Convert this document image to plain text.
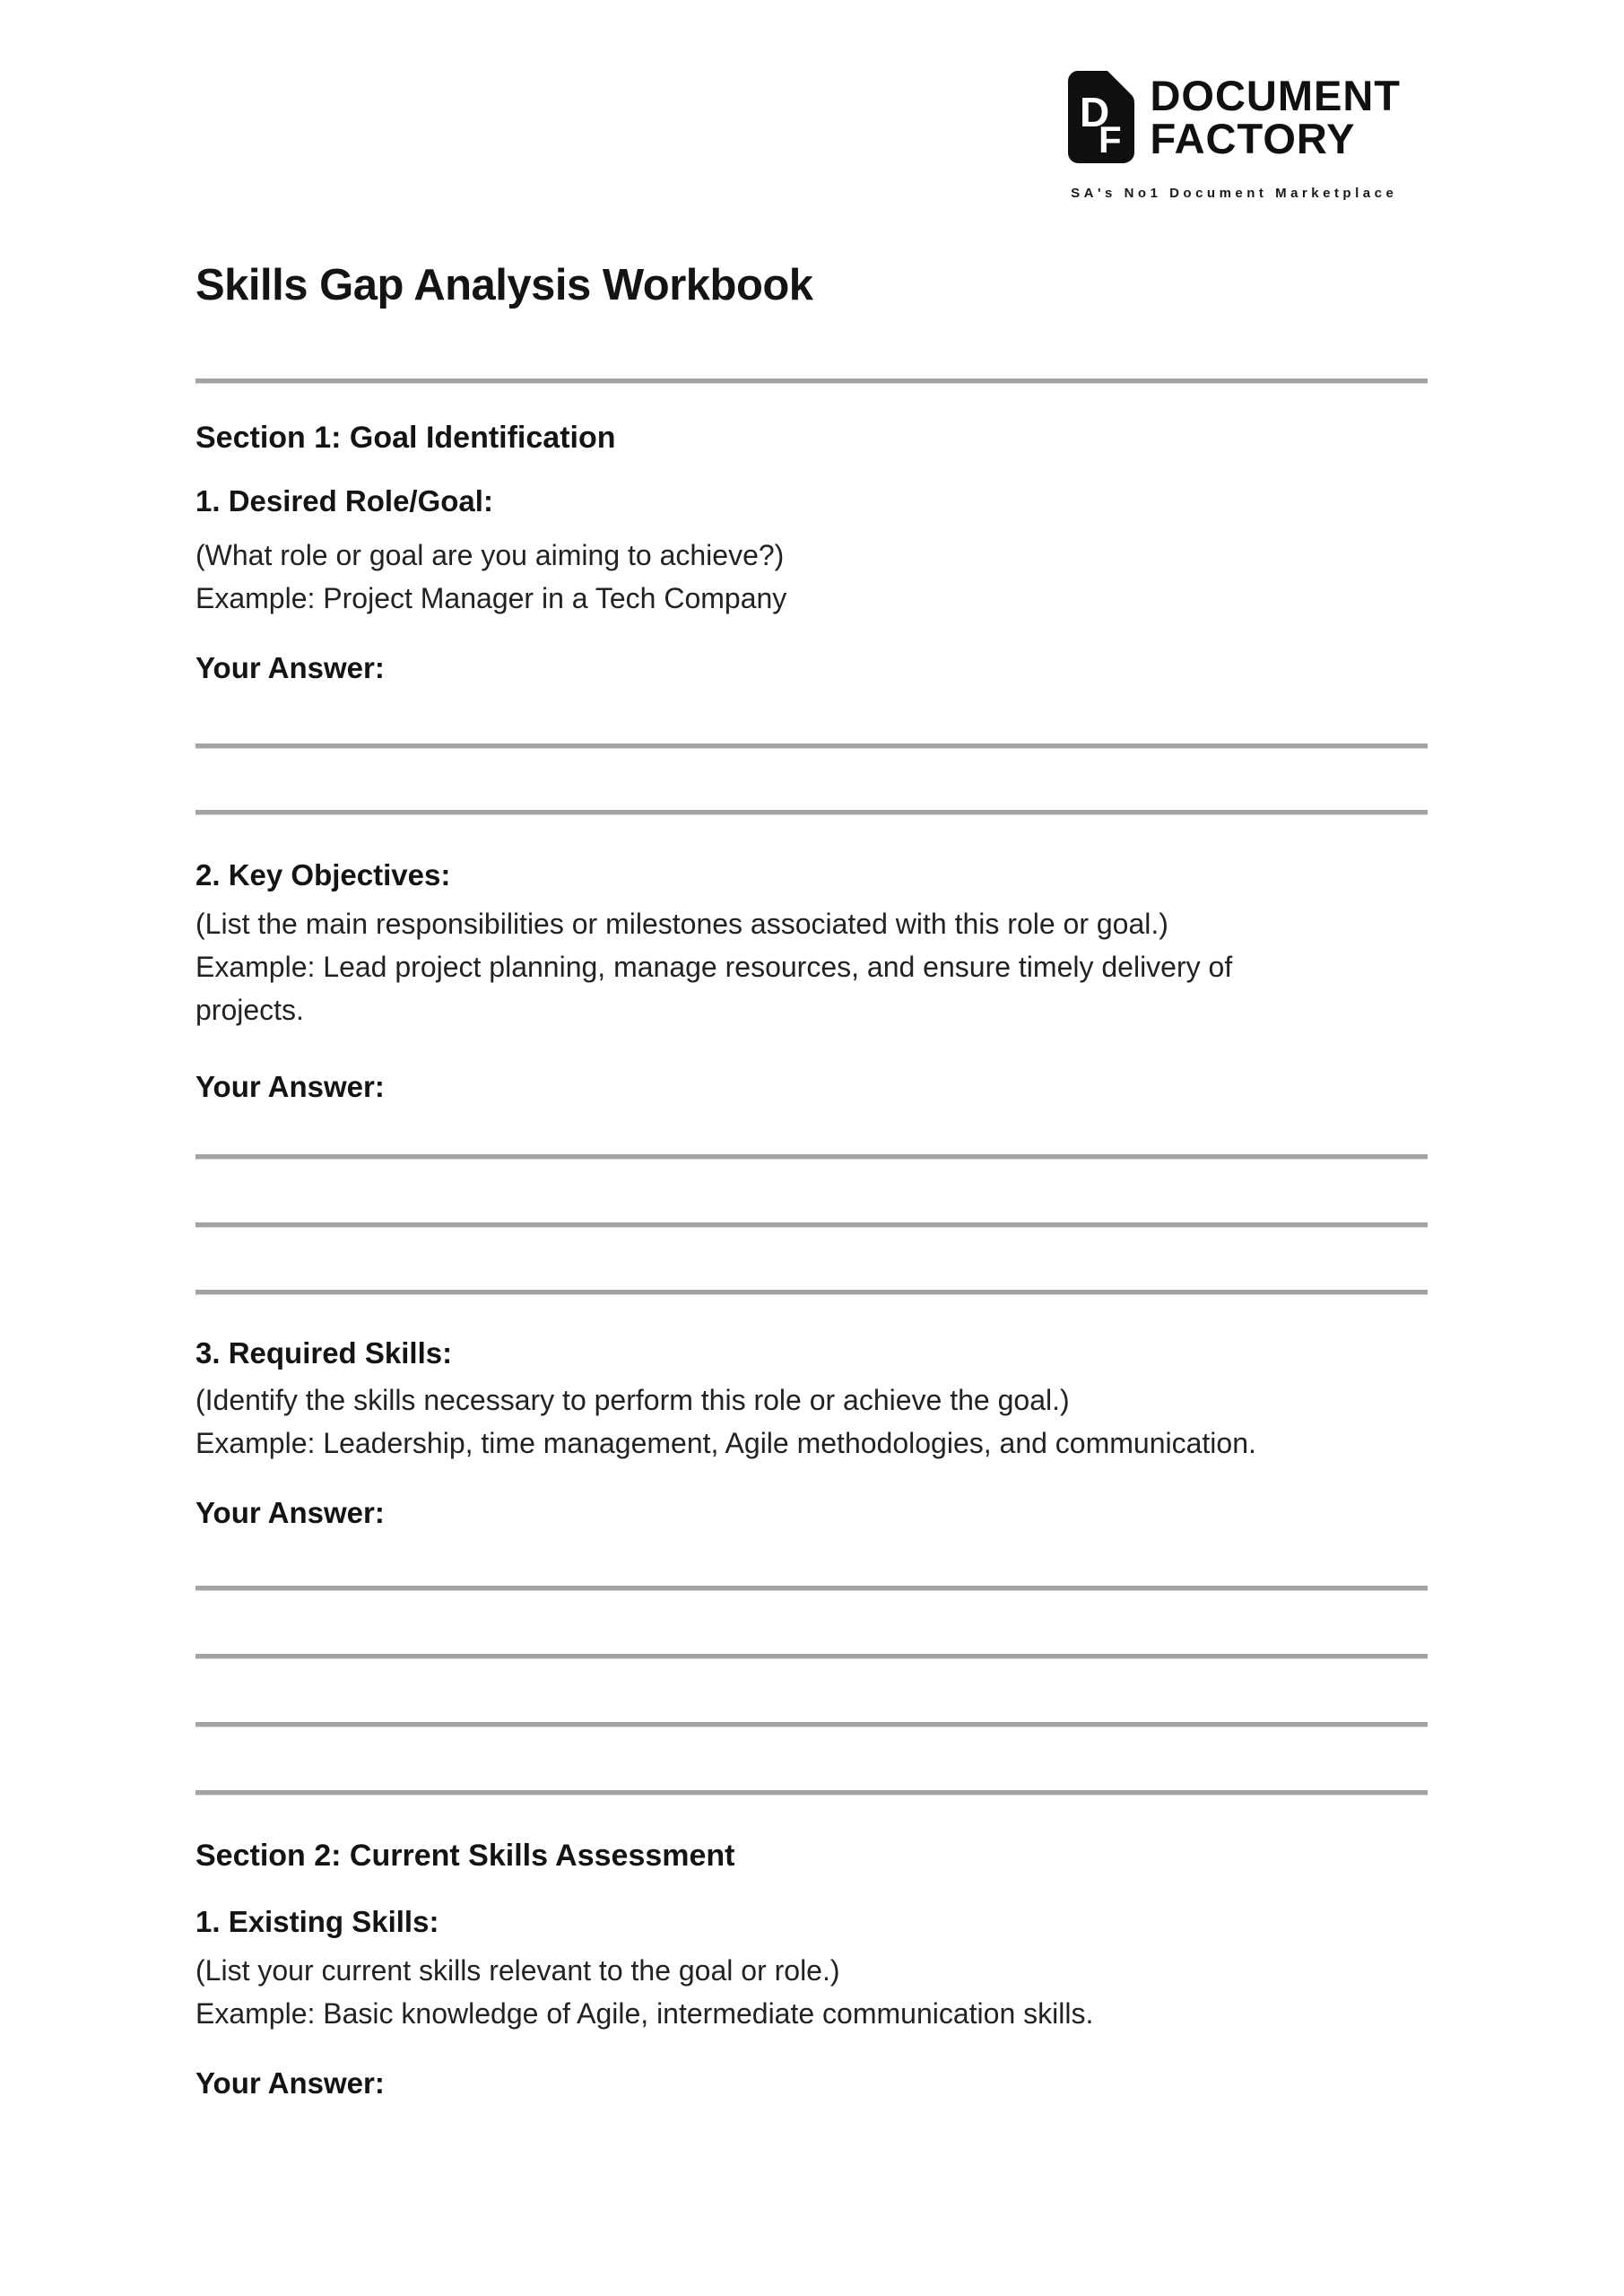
D
F
DOCUMENT
FACTORY
SA's No1 Document Marketplace
Skills Gap Analysis Workbook
Section 1: Goal Identification
1. Desired Role/Goal:
(What role or goal are you aiming to achieve?)
Example: Project Manager in a Tech Company
Your Answer:
2. Key Objectives:
(List the main responsibilities or milestones associated with this role or goal.)
Example: Lead project planning, manage resources, and ensure timely delivery of
projects.
Your Answer:
3. Required Skills:
(Identify the skills necessary to perform this role or achieve the goal.)
Example: Leadership, time management, Agile methodologies, and communication.
Your Answer:
Section 2: Current Skills Assessment
1. Existing Skills:
(List your current skills relevant to the goal or role.)
Example: Basic knowledge of Agile, intermediate communication skills.
Your Answer:
